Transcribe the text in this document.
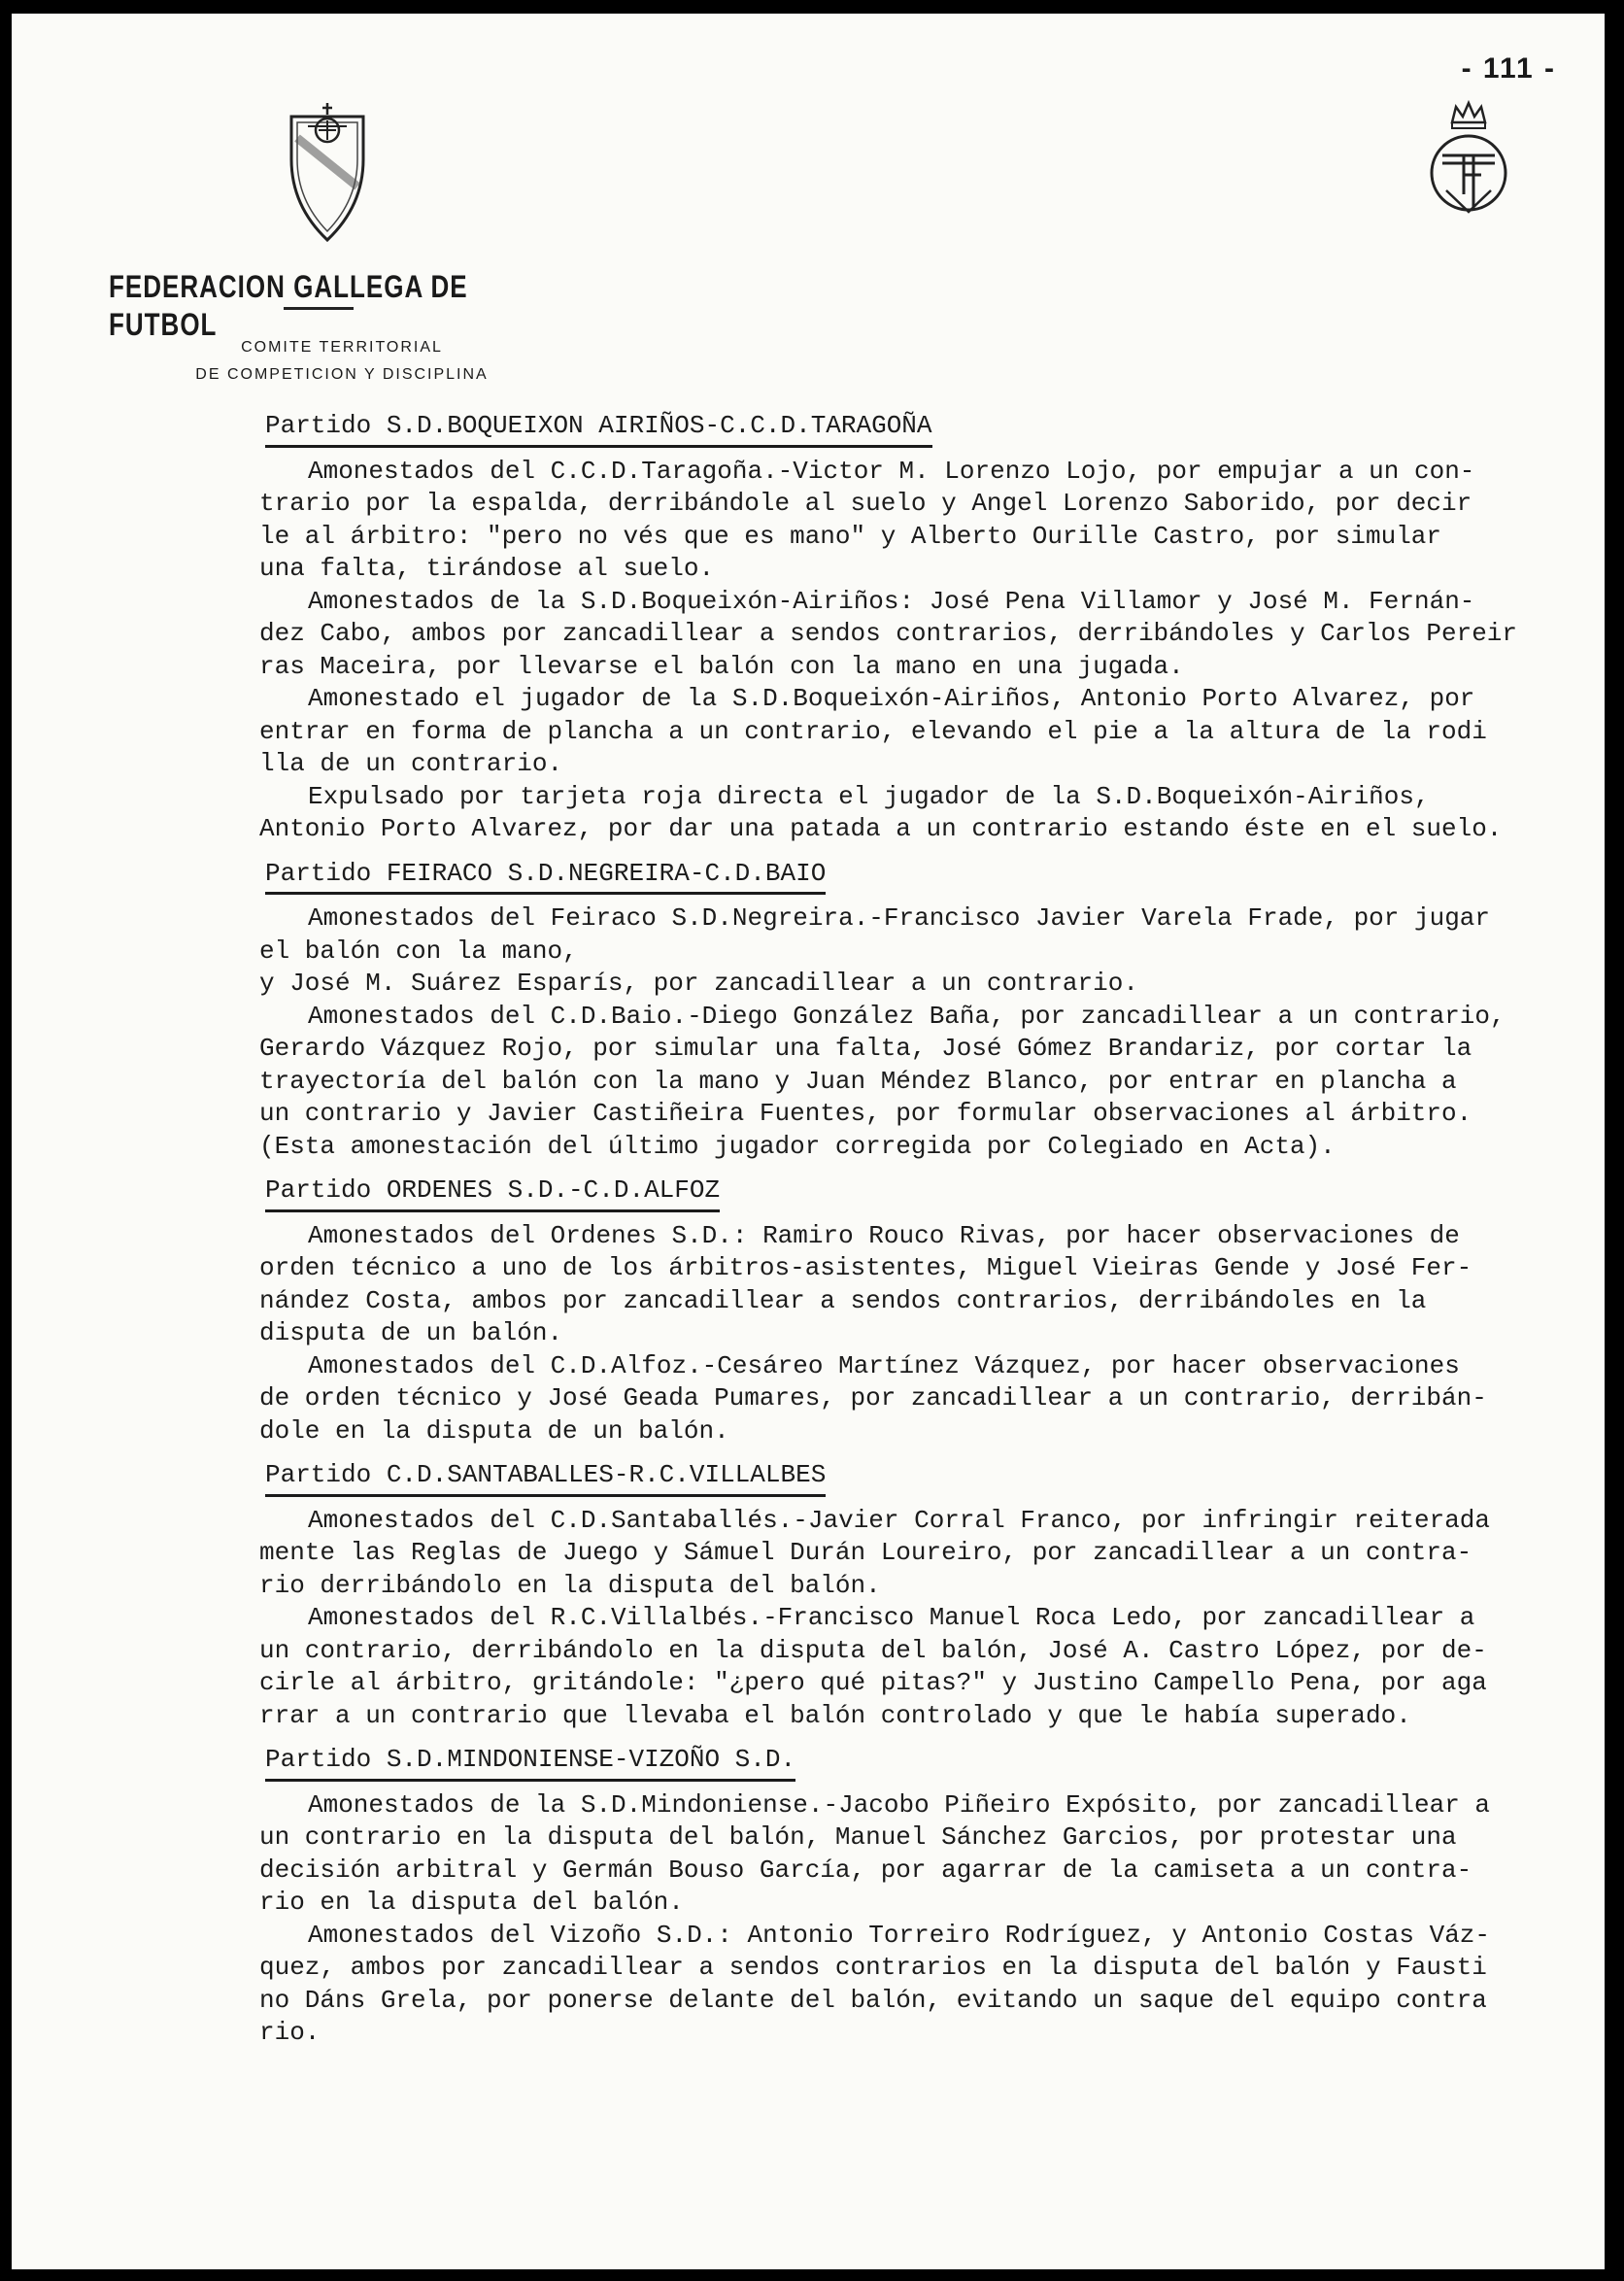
- 111 -
FEDERACION GALLEGA DE FUTBOL
COMITE TERRITORIAL
DE COMPETICION Y DISCIPLINA
Partido S.D.BOQUEIXON AIRIÑOS-C.C.D.TARAGOÑA
Amonestados del C.C.D.Taragoña.-Victor M. Lorenzo Lojo, por empujar a un con-
trario por la espalda, derribándole al suelo y Angel Lorenzo Saborido, por decir
le al árbitro: "pero no vés que es mano" y Alberto Ourille Castro, por simular
una falta, tirándose al suelo.
Amonestados de la S.D.Boqueixón-Airiños: José Pena Villamor y José M. Fernán-
dez Cabo, ambos por zancadillear a sendos contrarios, derribándoles y Carlos Pereir
ras Maceira, por llevarse el balón con la mano en una jugada.
Amonestado el jugador de la S.D.Boqueixón-Airiños, Antonio Porto Alvarez, por
entrar en forma de plancha a un contrario, elevando el pie a la altura de la rodi
lla de un contrario.
Expulsado por tarjeta roja directa el jugador de la S.D.Boqueixón-Airiños,
Antonio Porto Alvarez, por dar una patada a un contrario estando éste en el suelo.
Partido FEIRACO S.D.NEGREIRA-C.D.BAIO
Amonestados del Feiraco S.D.Negreira.-Francisco Javier Varela Frade, por jugar
el balón con la mano,
y José M. Suárez Esparís, por zancadillear a un contrario.
Amonestados del C.D.Baio.-Diego González Baña, por zancadillear a un contrario,
Gerardo Vázquez Rojo, por simular una falta, José Gómez Brandariz, por cortar la
trayectoría del balón con la mano y Juan Méndez Blanco, por entrar en plancha a
un contrario y Javier Castiñeira Fuentes, por formular observaciones al árbitro.
(Esta amonestación del último jugador corregida por Colegiado en Acta).
Partido ORDENES S.D.-C.D.ALFOZ
Amonestados del Ordenes S.D.: Ramiro Rouco Rivas, por hacer observaciones de
orden técnico a uno de los árbitros-asistentes, Miguel Vieiras Gende y José Fer-
nández Costa, ambos por zancadillear a sendos contrarios, derribándoles en la
disputa de un balón.
Amonestados del C.D.Alfoz.-Cesáreo Martínez Vázquez, por hacer observaciones
de orden técnico y José Geada Pumares, por zancadillear a un contrario, derribán-
dole en la disputa de un balón.
Partido C.D.SANTABALLES-R.C.VILLALBES
Amonestados del C.D.Santaballés.-Javier Corral Franco, por infringir reiterada
mente las Reglas de Juego y Sámuel Durán Loureiro, por zancadillear a un contra-
rio derribándolo en la disputa del balón.
Amonestados del R.C.Villalbés.-Francisco Manuel Roca Ledo, por zancadillear a
un contrario, derribándolo en la disputa del balón, José A. Castro López, por de-
cirle al árbitro, gritándole: "¿pero qué pitas?" y Justino Campello Pena, por aga
rrar a un contrario que llevaba el balón controlado y que le había superado.
Partido S.D.MINDONIENSE-VIZOÑO S.D.
Amonestados de la S.D.Mindoniense.-Jacobo Piñeiro Expósito, por zancadillear a
un contrario en la disputa del balón, Manuel Sánchez Garcios, por protestar una
decisión arbitral y Germán Bouso García, por agarrar de la camiseta a un contra-
rio en la disputa del balón.
Amonestados del Vizoño S.D.: Antonio Torreiro Rodríguez, y Antonio Costas Váz-
quez, ambos por zancadillear a sendos contrarios en la disputa del balón y Fausti
no Dáns Grela, por ponerse delante del balón, evitando un saque del equipo contra
rio.
